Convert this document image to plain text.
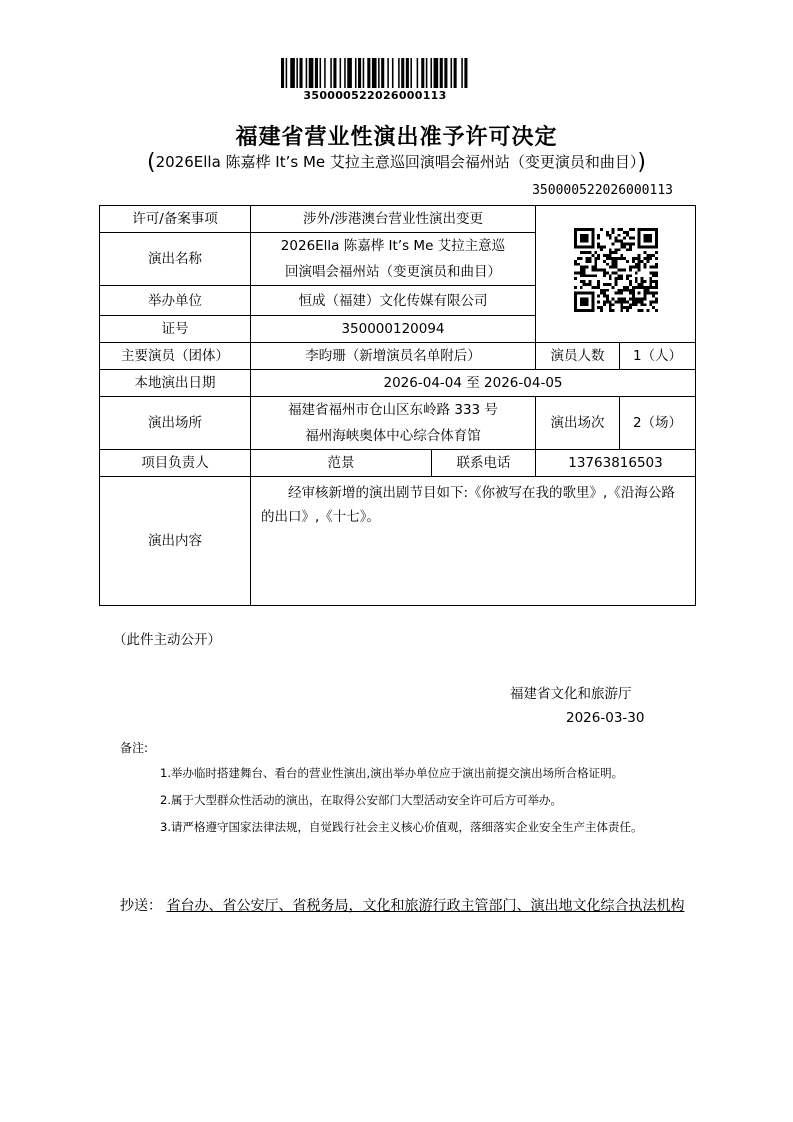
350000522026000113
福建省营业性演出准予许可决定
(2026Ella 陈嘉桦 It’s Me 艾拉主意巡回演唱会福州站（变更演员和曲目）)
350000522026000113
许可/备案事项	涉外/涉港澳台营业性演出变更	
演出名称	2026Ella 陈嘉桦 It’s Me 艾拉主意巡
回演唱会福州站（变更演员和曲目）			

举办单位	恒成（福建）文化传媒有限公司			
证号	350000120094			
主要演员（团体）	李昀珊（新增演员名单附后）		演员人数	1（人）
本地演出日期	2026-04-04 至 2026-04-05			
演出场所	福建省福州市仓山区东岭路 333 号
福州海峡奥体中心综合体育馆		演出场次	2（场）
项目负责人	范景	联系电话	13763816503	
演出内容	经审核新增的演出剧节目如下:《你被写在我的歌里》,《沿海公路的出口》,《十七》。			
（此件主动公开）
福建省文化和旅游厅
2026-03-30
备注:
1.举办临时搭建舞台、看台的营业性演出,演出举办单位应于演出前提交演出场所合格证明。
2.属于大型群众性活动的演出，在取得公安部门大型活动安全许可后方可举办。
3.请严格遵守国家法律法规，自觉践行社会主义核心价值观，落细落实企业安全生产主体责任。
抄送： 省台办、省公安厅、省税务局，文化和旅游行政主管部门、演出地文化综合执法机构
